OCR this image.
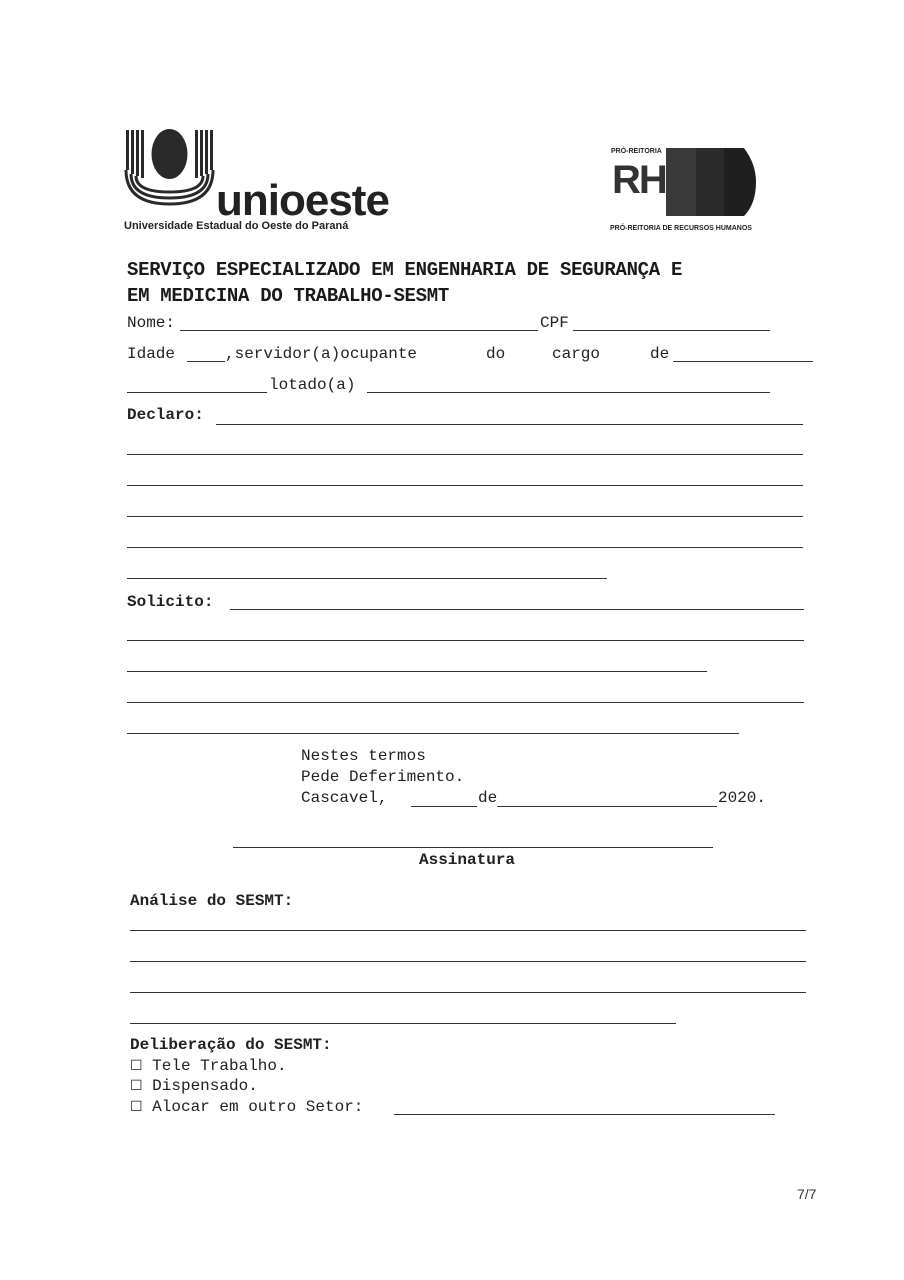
unioeste
Universidade Estadual do Oeste do Paraná
PRÓ-REITORIA
RH
PRÓ-REITORIA DE RECURSOS HUMANOS
SERVIÇO ESPECIALIZADO EM ENGENHARIA DE SEGURANÇA E
EM MEDICINA DO TRABALHO-SESMT
Nome:	CPF
Idade	,servidor(a)ocupante	do	cargo	de
lotado(a)
Declaro:
Solicito:
Nestes termos
Pede Deferimento.
Cascavel,	de	2020.
Assinatura
Análise do SESMT:
Deliberação do SESMT:
☐ Tele Trabalho.
☐ Dispensado.
☐ Alocar em outro Setor:
7/7
